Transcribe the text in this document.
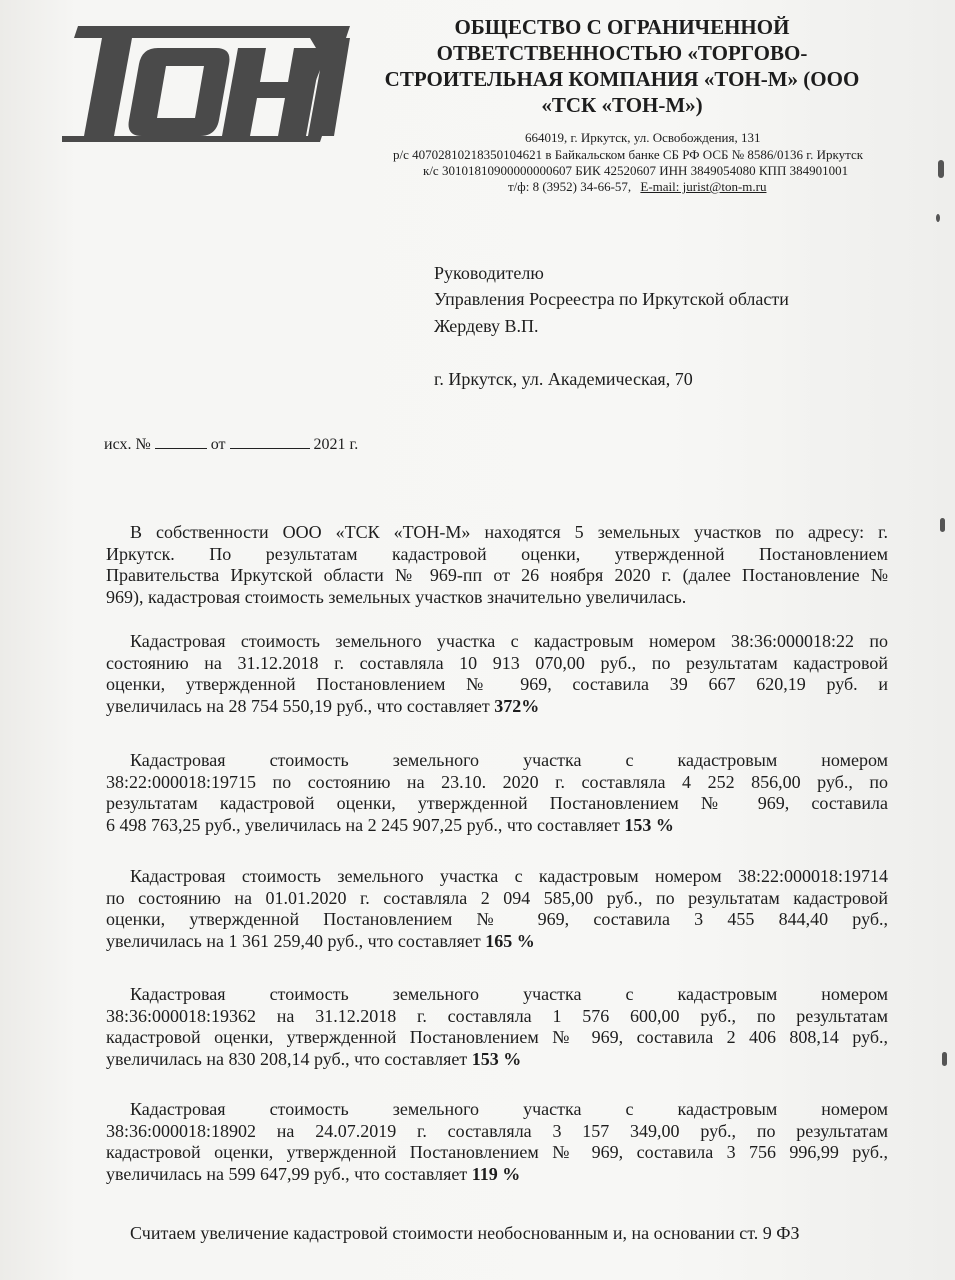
ОБЩЕСТВО С ОГРАНИЧЕННОЙ
ОТВЕТСТВЕННОСТЬЮ «ТОРГОВО-
СТРОИТЕЛЬНАЯ КОМПАНИЯ «ТОН-М» (ООО
«ТСК «ТОН-М»)
664019, г. Иркутск, ул. Освобождения, 131
р/с 40702810218350104621 в Байкальском банке СБ РФ ОСБ № 8586/0136 г. Иркутск
к/с 30101810900000000607 БИК 42520607 ИНН 3849054080 КПП 384901001
т/ф: 8 (3952) 34-66-57, E-mail: jurist@ton-m.ru
Руководителю
Управления Росреестра по Иркутской области
Жердеву В.П.
г. Иркутск, ул. Академическая, 70
исх. №	от	2021 г.
В собственности ООО «ТСК «ТОН-М» находятся 5 земельных участков по адресу: г.
Иркутск. По результатам кадастровой оценки, утвержденной Постановлением
Правительства Иркутской области № 969-пп от 26 ноября 2020 г. (далее Постановление №
969), кадастровая стоимость земельных участков значительно увеличилась.
Кадастровая стоимость земельного участка с кадастровым номером 38:36:000018:22 по
состоянию на 31.12.2018 г. составляла 10 913 070,00 руб., по результатам кадастровой
оценки, утвержденной Постановлением № 969, составила 39 667 620,19 руб. и
увеличилась на 28 754 550,19 руб., что составляет 372%
Кадастровая стоимость земельного участка с кадастровым номером
38:22:000018:19715 по состоянию на 23.10. 2020 г. составляла 4 252 856,00 руб., по
результатам кадастровой оценки, утвержденной Постановлением № 969, составила
6 498 763,25 руб., увеличилась на 2 245 907,25 руб., что составляет 153 %
Кадастровая стоимость земельного участка с кадастровым номером 38:22:000018:19714
по состоянию на 01.01.2020 г. составляла 2 094 585,00 руб., по результатам кадастровой
оценки, утвержденной Постановлением № 969, составила 3 455 844,40 руб.,
увеличилась на 1 361 259,40 руб., что составляет 165 %
Кадастровая стоимость земельного участка с кадастровым номером
38:36:000018:19362 на 31.12.2018 г. составляла 1 576 600,00 руб., по результатам
кадастровой оценки, утвержденной Постановлением № 969, составила 2 406 808,14 руб.,
увеличилась на 830 208,14 руб., что составляет 153 %
Кадастровая стоимость земельного участка с кадастровым номером
38:36:000018:18902 на 24.07.2019 г. составляла 3 157 349,00 руб., по результатам
кадастровой оценки, утвержденной Постановлением № 969, составила 3 756 996,99 руб.,
увеличилась на 599 647,99 руб., что составляет 119 %
Считаем увеличение кадастровой стоимости необоснованным и, на основании ст. 9 ФЗ
